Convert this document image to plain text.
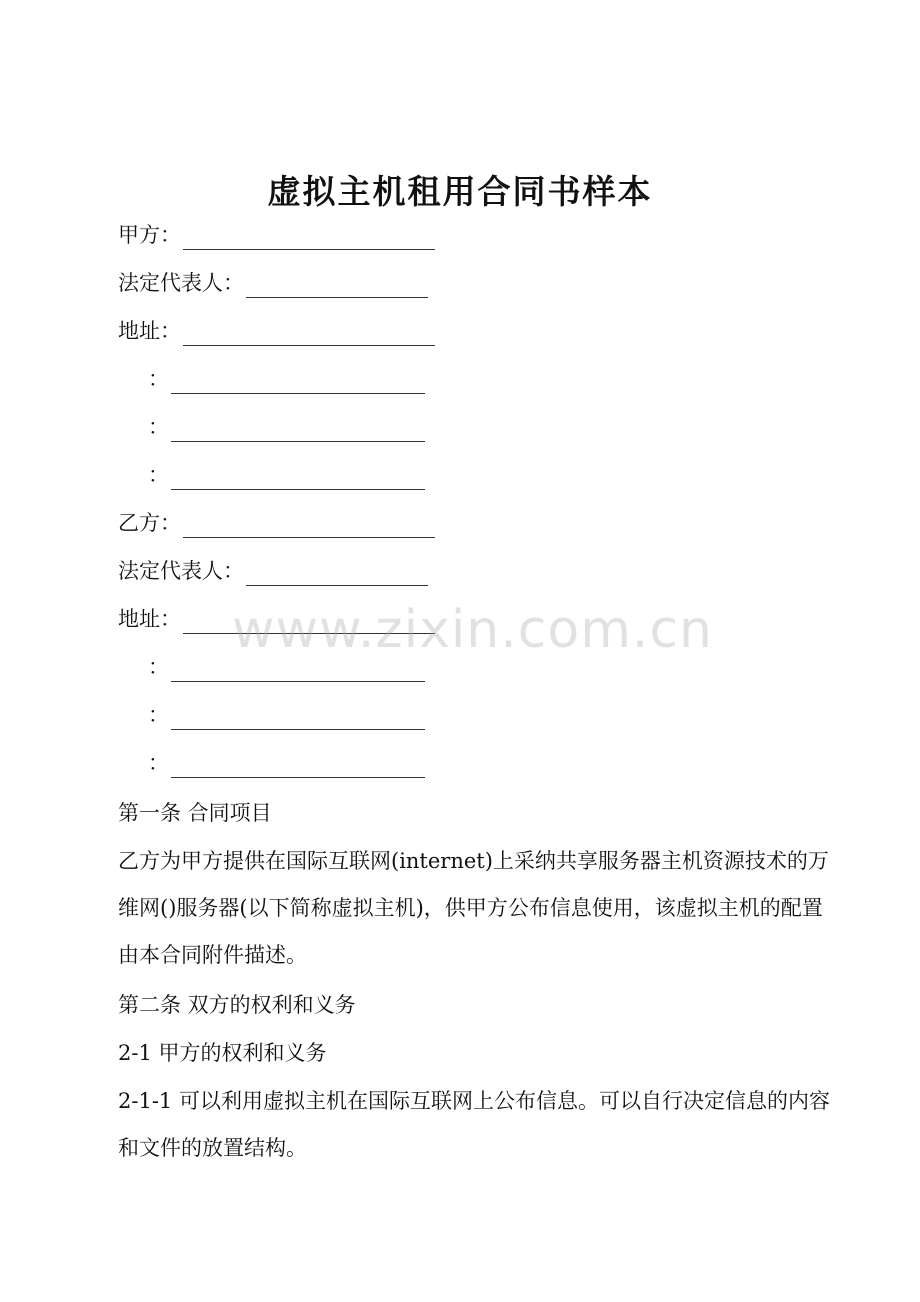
虚拟主机租用合同书样本
甲方：
法定代表人：
地址：
：
：
：
乙方：
法定代表人：
地址：
：
：
：
第一条 合同项目
乙方为甲方提供在国际互联网(internet)上采纳共享服务器主机资源技术的万维网()服务器(以下简称虚拟主机)，供甲方公布信息使用，该虚拟主机的配置由本合同附件描述。
第二条 双方的权利和义务
2-1 甲方的权利和义务
2-1-1 可以利用虚拟主机在国际互联网上公布信息。可以自行决定信息的内容和文件的放置结构。
www.zixin.com.cn
